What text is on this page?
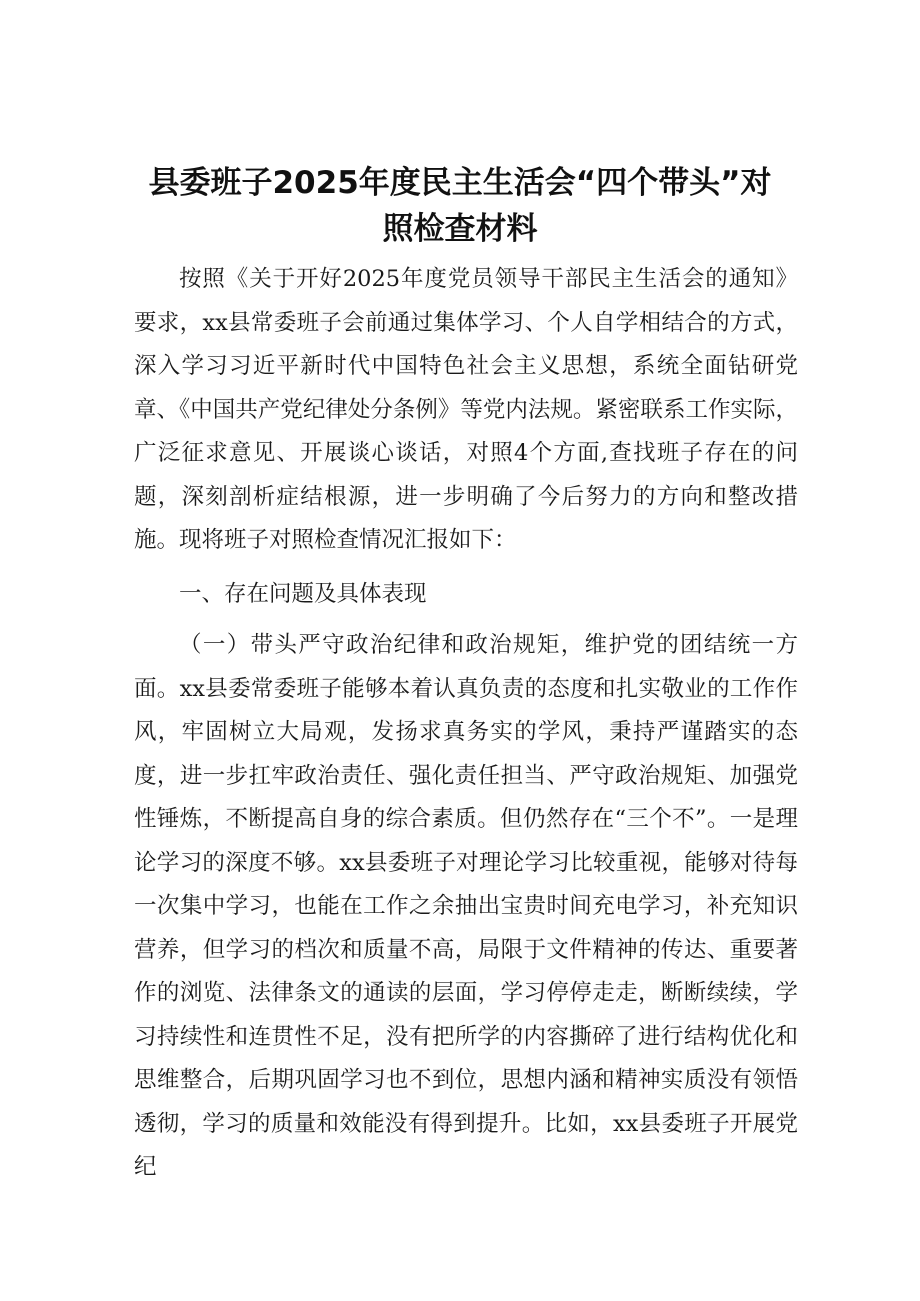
县委班子2025年度民主生活会“四个带头”对
照检查材料

按照《关于开好2025年度党员领导干部民主生活会的通知》要求，xx县常委班子会前通过集体学习、个人自学相结合的方式，深入学习习近平新时代中国特色社会主义思想，系统全面钻研党章、《中国共产党纪律处分条例》等党内法规。紧密联系工作实际，广泛征求意见、开展谈心谈话，对照4个方面,查找班子存在的问题，深刻剖析症结根源，进一步明确了今后努力的方向和整改措施。现将班子对照检查情况汇报如下：

一、存在问题及具体表现

（一）带头严守政治纪律和政治规矩，维护党的团结统一方面。xx县委常委班子能够本着认真负责的态度和扎实敬业的工作作风，牢固树立大局观，发扬求真务实的学风，秉持严谨踏实的态度，进一步扛牢政治责任、强化责任担当、严守政治规矩、加强党性锤炼，不断提高自身的综合素质。但仍然存在“三个不”。一是理论学习的深度不够。xx县委班子对理论学习比较重视，能够对待每一次集中学习，也能在工作之余抽出宝贵时间充电学习，补充知识营养，但学习的档次和质量不高，局限于文件精神的传达、重要著作的浏览、法律条文的通读的层面，学习停停走走，断断续续，学习持续性和连贯性不足，没有把所学的内容撕碎了进行结构优化和思维整合，后期巩固学习也不到位，思想内涵和精神实质没有领悟透彻，学习的质量和效能没有得到提升。比如，xx县委班子开展党纪
